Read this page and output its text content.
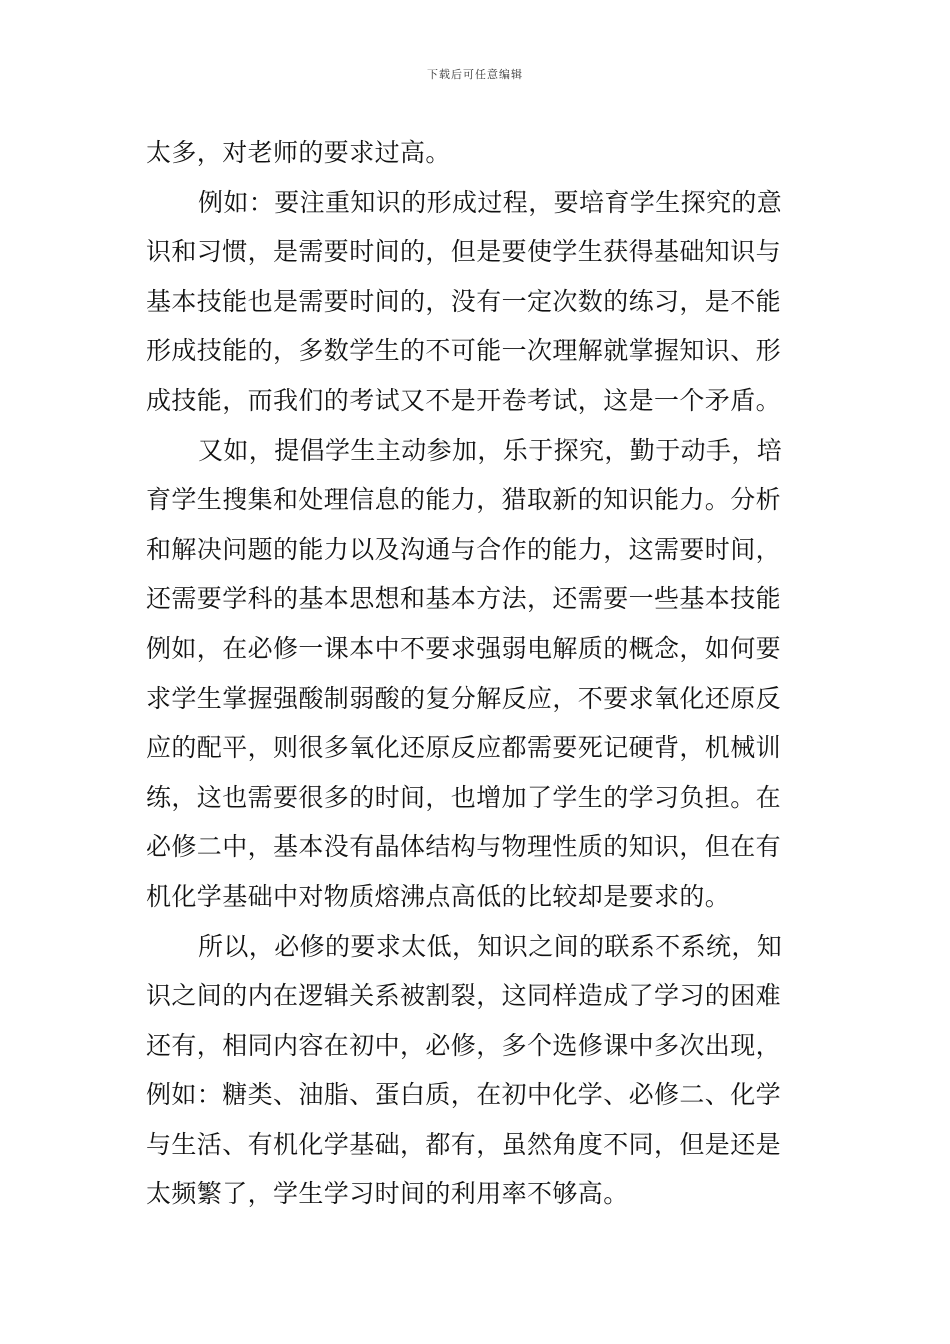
下载后可任意编辑
太多，对老师的要求过高。
例如：要注重知识的形成过程，要培育学生探究的意
识和习惯，是需要时间的，但是要使学生获得基础知识与
基本技能也是需要时间的，没有一定次数的练习，是不能
形成技能的，多数学生的不可能一次理解就掌握知识、形
成技能，而我们的考试又不是开卷考试，这是一个矛盾。
又如，提倡学生主动参加，乐于探究，勤于动手，培
育学生搜集和处理信息的能力，猎取新的知识能力。分析
和解决问题的能力以及沟通与合作的能力，这需要时间，
还需要学科的基本思想和基本方法，还需要一些基本技能
例如，在必修一课本中不要求强弱电解质的概念，如何要
求学生掌握强酸制弱酸的复分解反应，不要求氧化还原反
应的配平，则很多氧化还原反应都需要死记硬背，机械训
练，这也需要很多的时间，也增加了学生的学习负担。在
必修二中，基本没有晶体结构与物理性质的知识，但在有
机化学基础中对物质熔沸点高低的比较却是要求的。
所以，必修的要求太低，知识之间的联系不系统，知
识之间的内在逻辑关系被割裂，这同样造成了学习的困难
还有，相同内容在初中，必修，多个选修课中多次出现，
例如：糖类、油脂、蛋白质，在初中化学、必修二、化学
与生活、有机化学基础，都有，虽然角度不同，但是还是
太频繁了，学生学习时间的利用率不够高。
